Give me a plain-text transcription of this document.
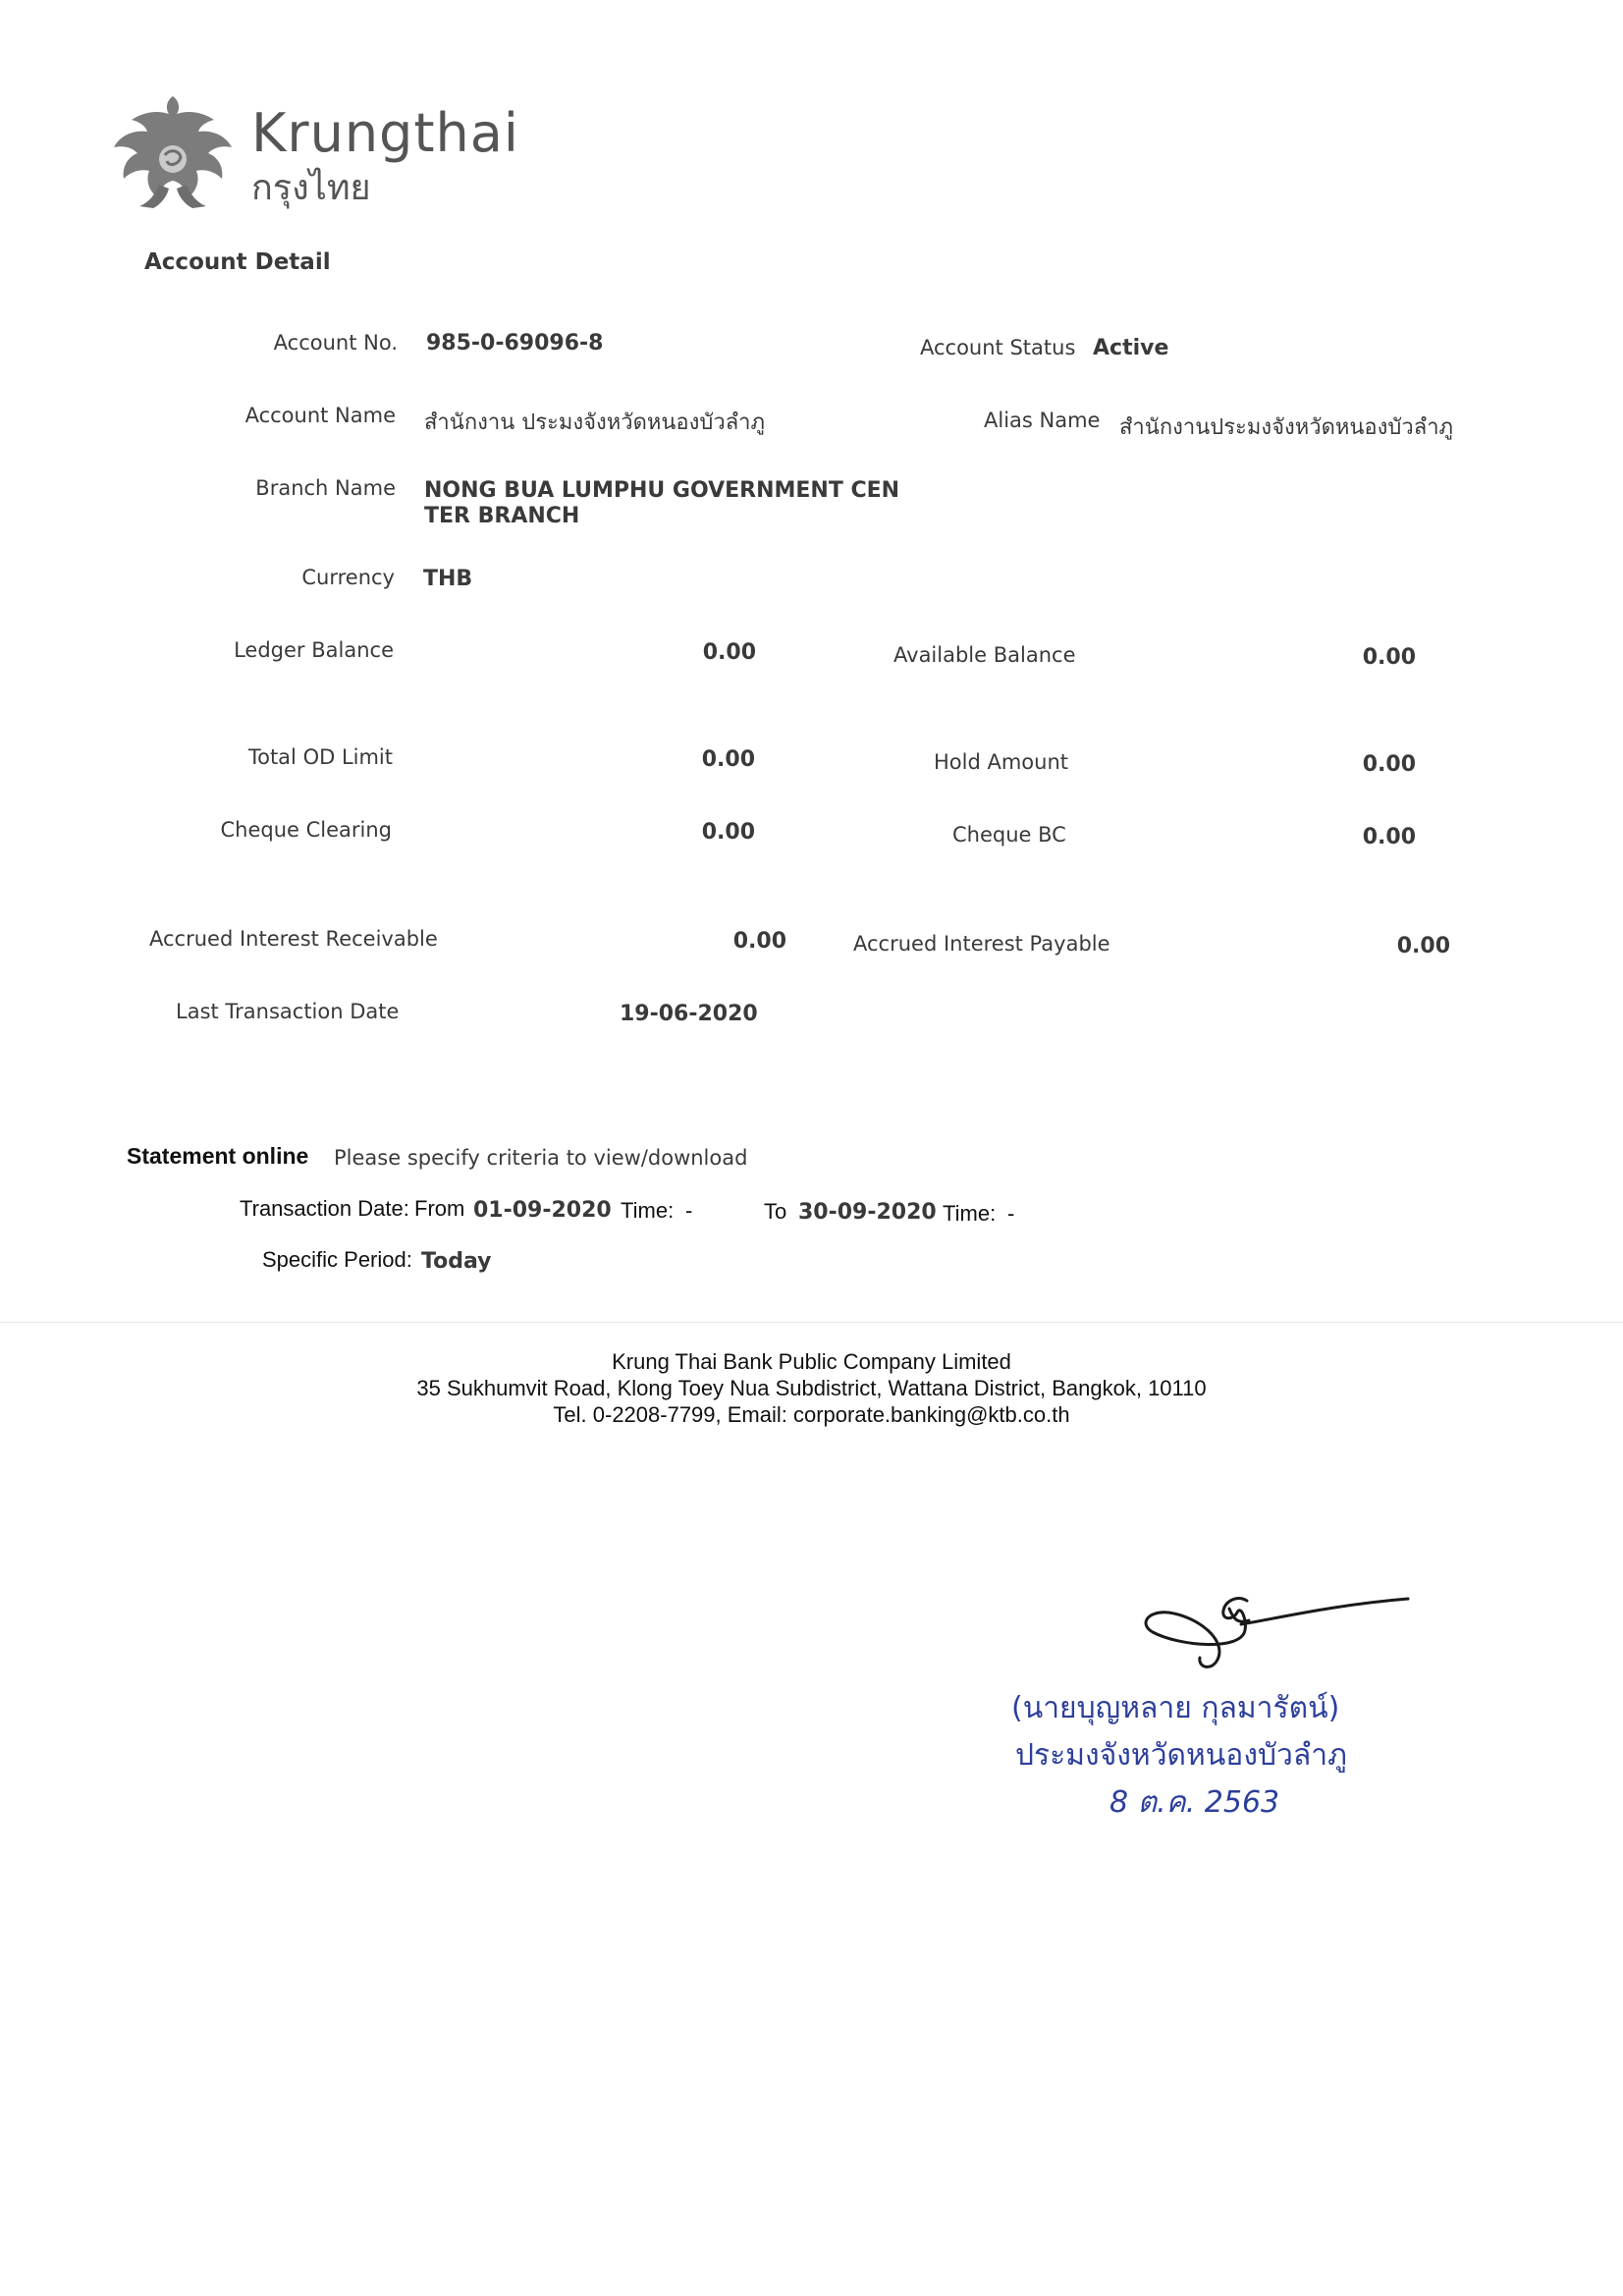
Krungthai
กรุงไทย
Account Detail
Account No. 985-0-69096-8	Account Status Active
Account Name สำนักงาน ประมงจังหวัดหนองบัวลำภู	Alias Name สำนักงานประมงจังหวัดหนองบัวลำภู
Branch Name NONG BUA LUMPHU GOVERNMENT CEN
TER BRANCH
Currency THB
Ledger Balance	0.00	Available Balance	0.00
Total OD Limit	0.00	Hold Amount	0.00
Cheque Clearing	0.00	Cheque BC	0.00
Accrued Interest Receivable	0.00	Accrued Interest Payable	0.00
Last Transaction Date	19-06-2020
Statement online Please specify criteria to view/download
Transaction Date: From 01-09-2020 Time: -	To 30-09-2020 Time: -
Specific Period: Today
Krung Thai Bank Public Company Limited
35 Sukhumvit Road, Klong Toey Nua Subdistrict, Wattana District, Bangkok, 10110
Tel. 0-2208-7799, Email: corporate.banking@ktb.co.th
(นายบุญหลาย กุลมารัตน์)
ประมงจังหวัดหนองบัวลำภู
8 ต.ค. 2563
